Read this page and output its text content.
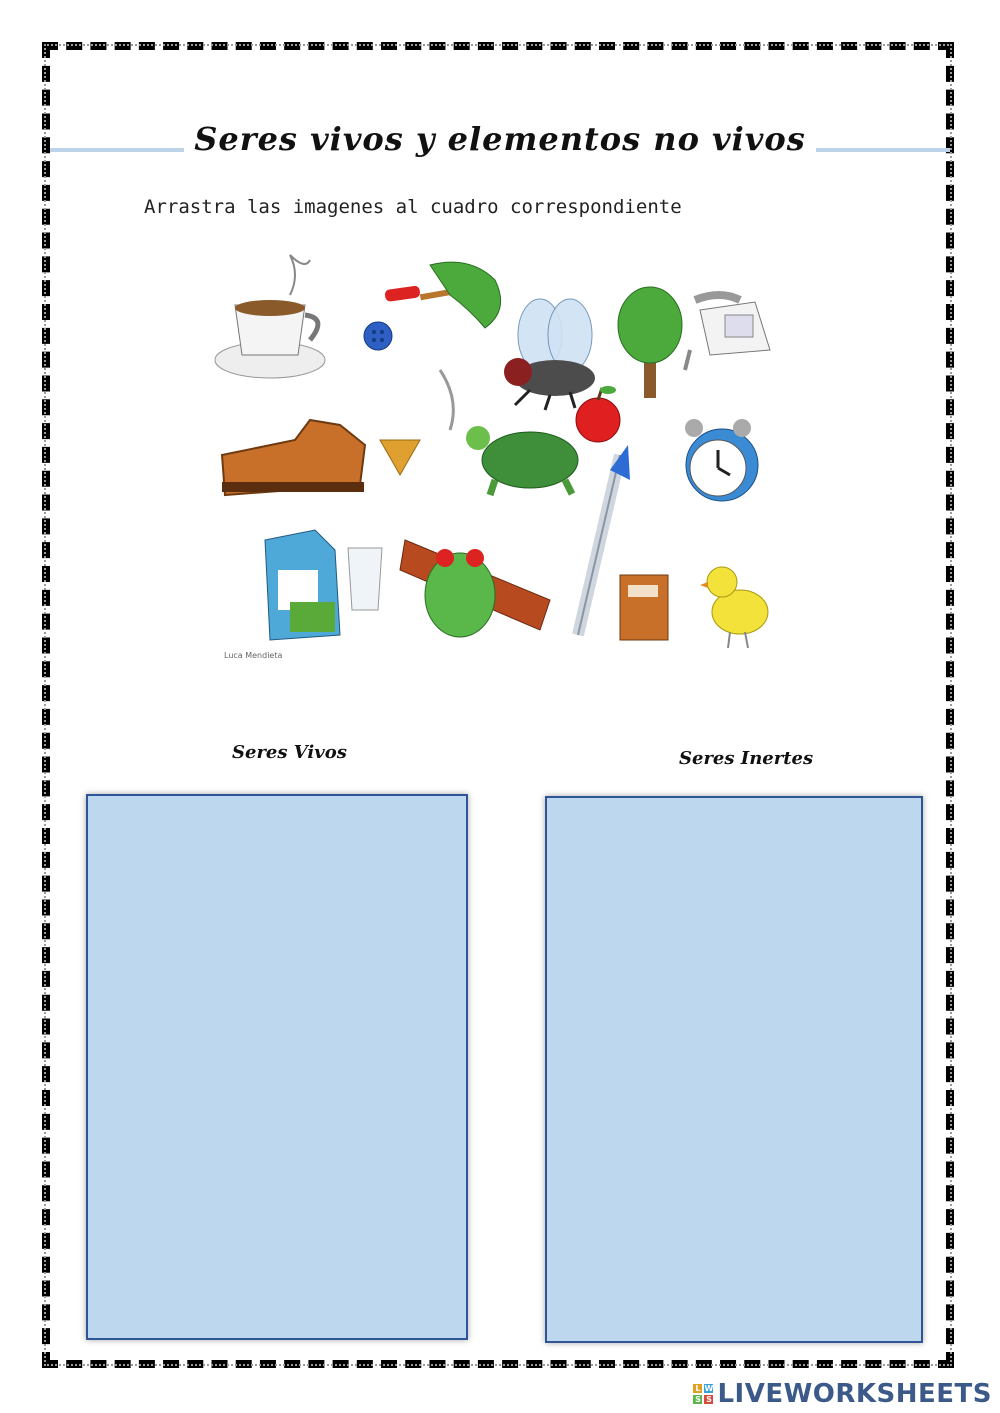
Seres vivos y elementos no vivos
Arrastra las imagenes al cuadro correspondiente
Luca Mendieta
Seres Vivos	Seres Inertes
L W
S S LIVEWORKSHEETS
